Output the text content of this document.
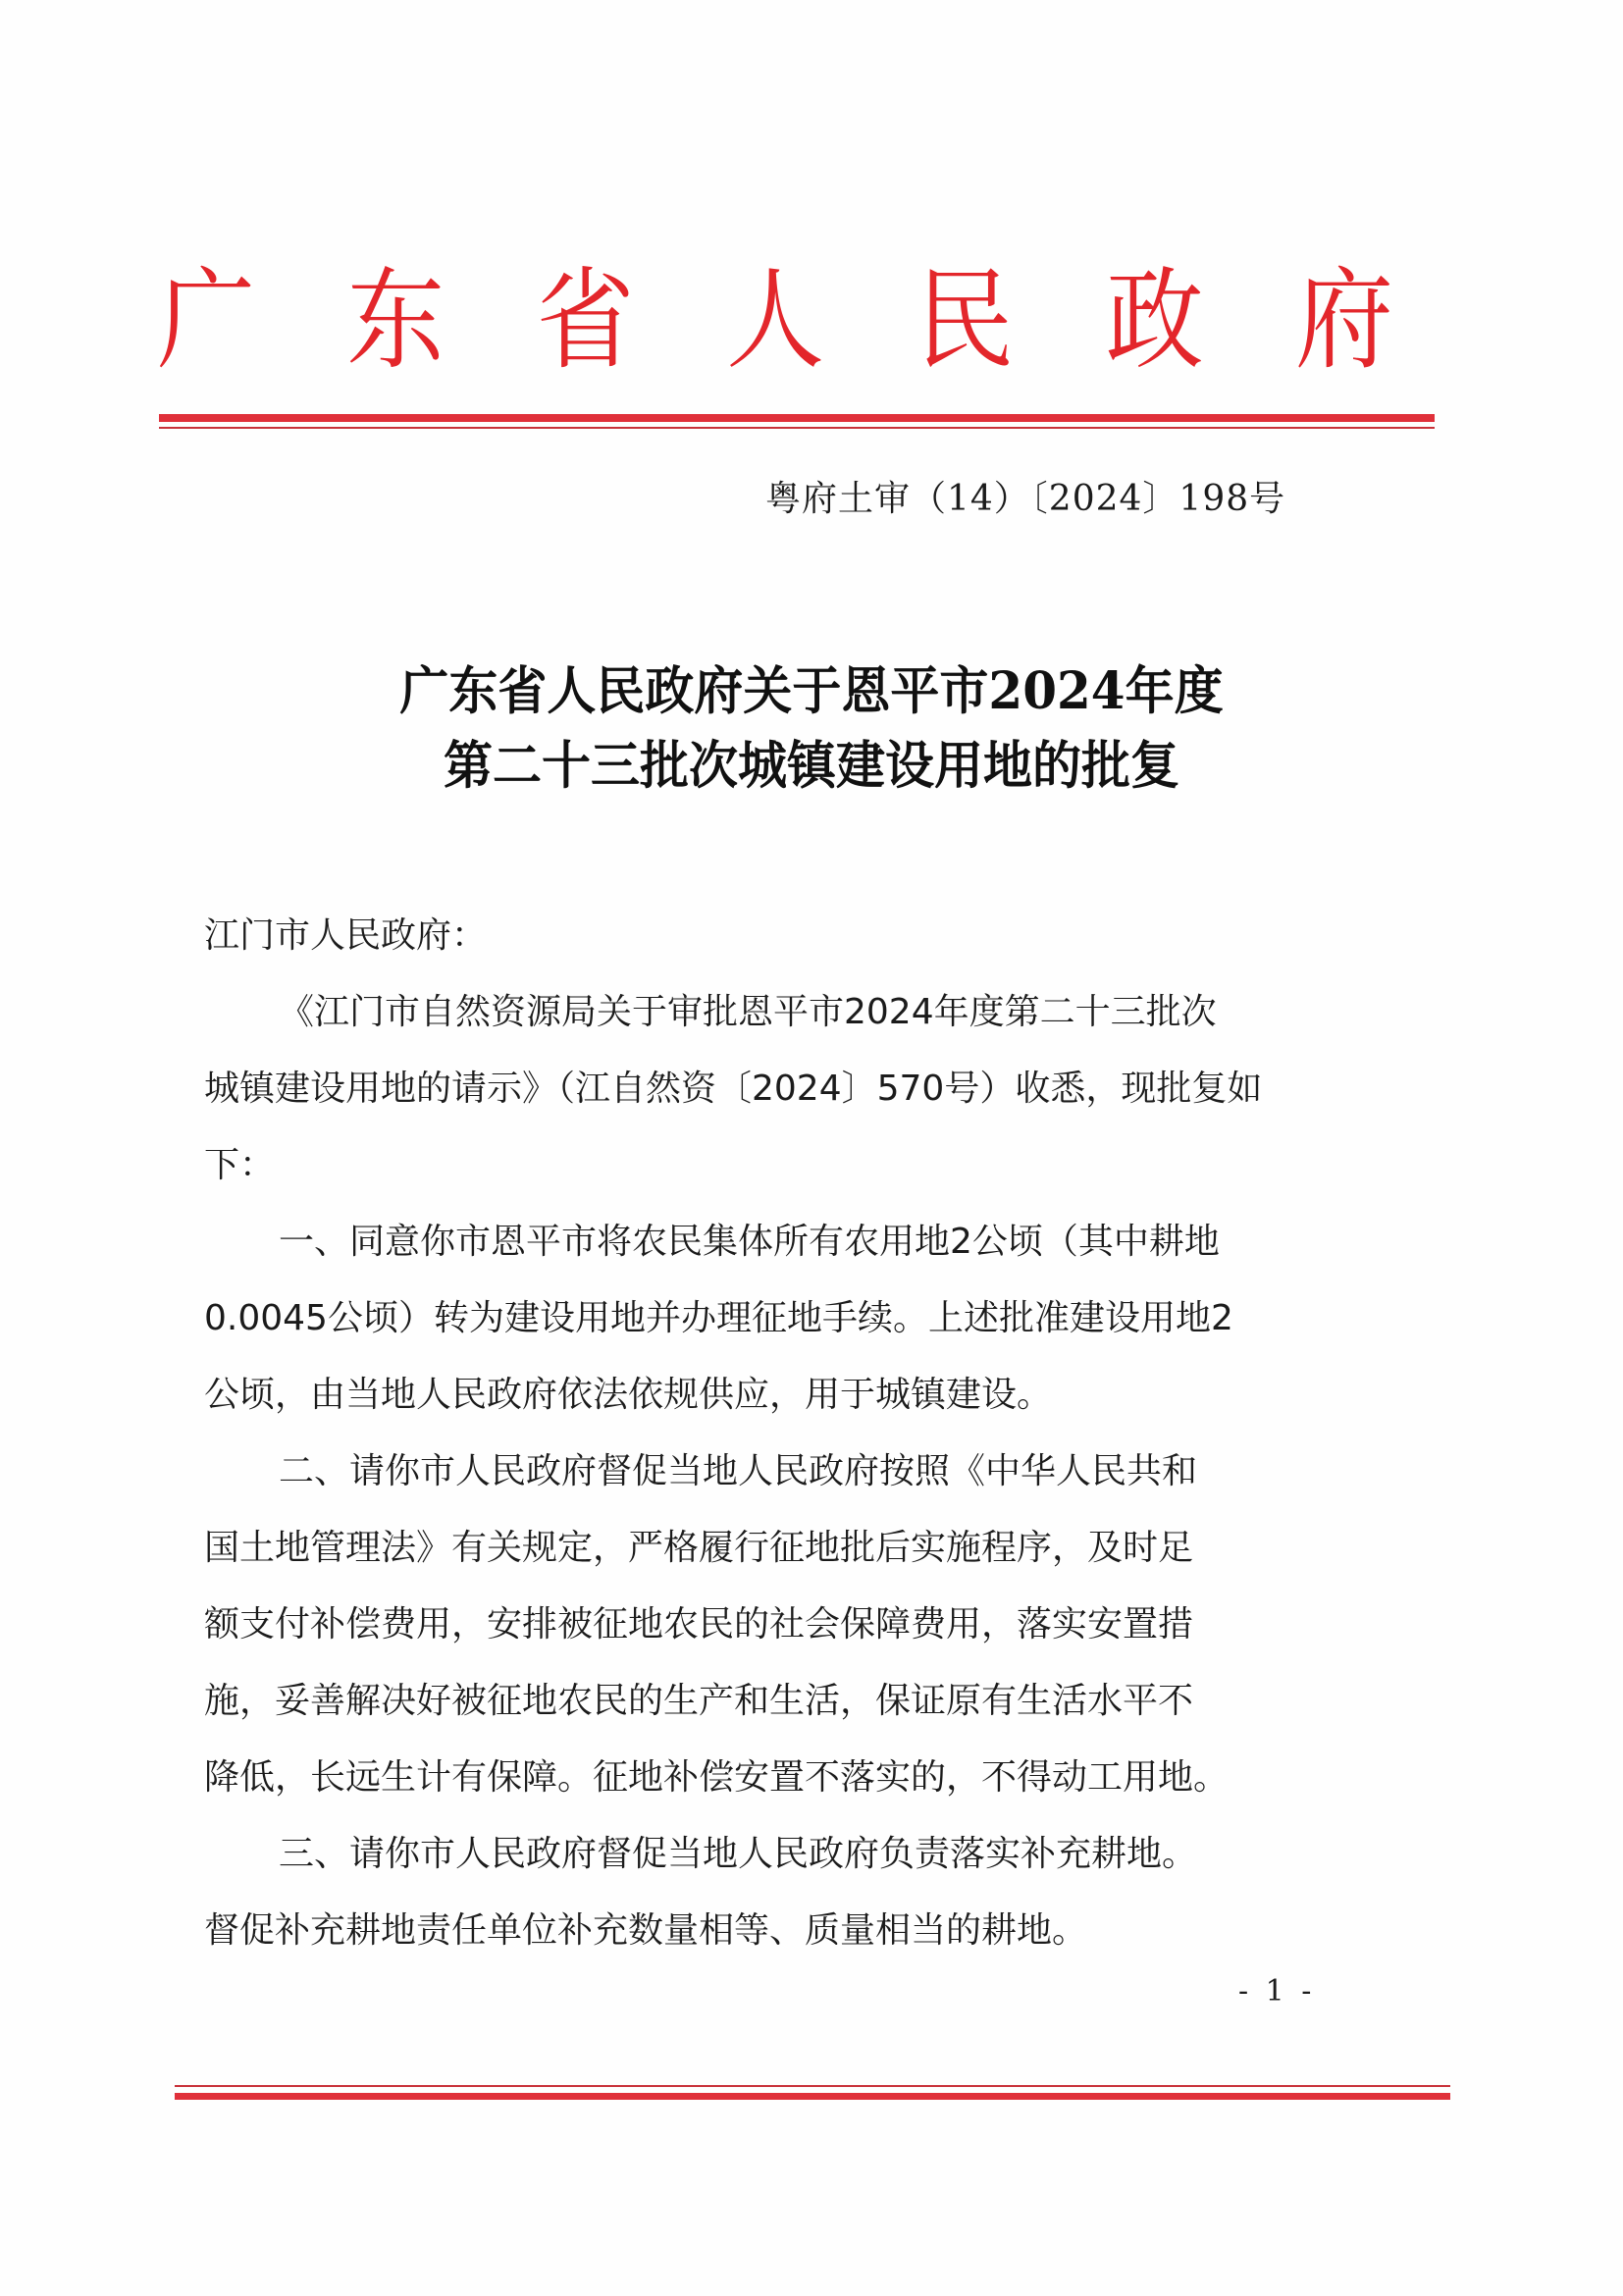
广 东 省 人 民 政 府
粤府土审（14）〔2024〕198号
广东省人民政府关于恩平市2024年度
第二十三批次城镇建设用地的批复

江门市人民政府：

《江门市自然资源局关于审批恩平市2024年度第二十三批次
城镇建设用地的请示》（江自然资〔2024〕570号）收悉，现批复如
下：

一、同意你市恩平市将农民集体所有农用地2公顷（其中耕地
0.0045公顷）转为建设用地并办理征地手续。上述批准建设用地2
公顷，由当地人民政府依法依规供应，用于城镇建设。

二、请你市人民政府督促当地人民政府按照《中华人民共和
国土地管理法》有关规定，严格履行征地批后实施程序，及时足
额支付补偿费用，安排被征地农民的社会保障费用，落实安置措
施，妥善解决好被征地农民的生产和生活，保证原有生活水平不
降低，长远生计有保障。征地补偿安置不落实的，不得动工用地。

三、请你市人民政府督促当地人民政府负责落实补充耕地。
督促补充耕地责任单位补充数量相等、质量相当的耕地。

- 1 -
